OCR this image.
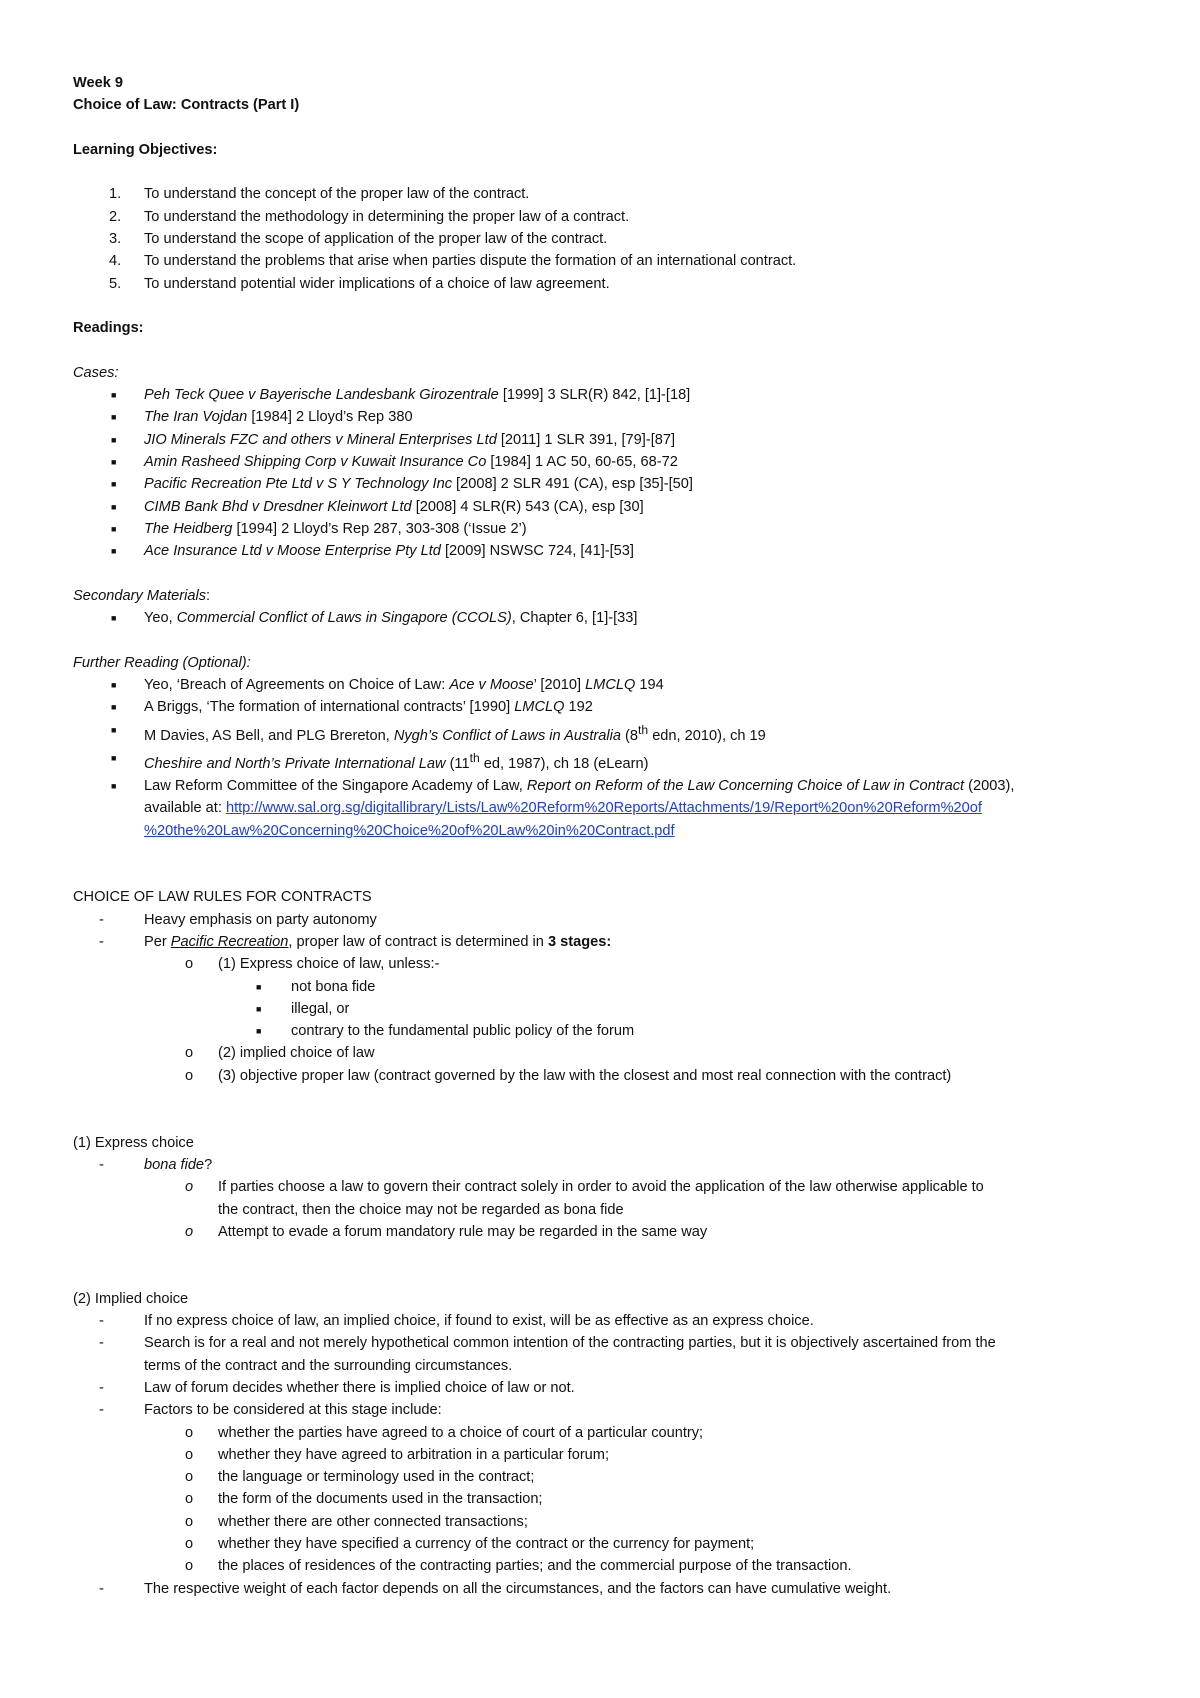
Week 9
Choice of Law: Contracts (Part I)
Learning Objectives:
1. To understand the concept of the proper law of the contract.
2. To understand the methodology in determining the proper law of a contract.
3. To understand the scope of application of the proper law of the contract.
4. To understand the problems that arise when parties dispute the formation of an international contract.
5. To understand potential wider implications of a choice of law agreement.
Readings:
Cases:
■ Peh Teck Quee v Bayerische Landesbank Girozentrale [1999] 3 SLR(R) 842, [1]-[18]
■ The Iran Vojdan [1984] 2 Lloyd’s Rep 380
■ JIO Minerals FZC and others v Mineral Enterprises Ltd [2011] 1 SLR 391, [79]-[87]
■ Amin Rasheed Shipping Corp v Kuwait Insurance Co [1984] 1 AC 50, 60-65, 68-72
■ Pacific Recreation Pte Ltd v S Y Technology Inc [2008] 2 SLR 491 (CA), esp [35]-[50]
■ CIMB Bank Bhd v Dresdner Kleinwort Ltd [2008] 4 SLR(R) 543 (CA), esp [30]
■ The Heidberg [1994] 2 Lloyd’s Rep 287, 303-308 (‘Issue 2’)
■ Ace Insurance Ltd v Moose Enterprise Pty Ltd [2009] NSWSC 724, [41]-[53]
Secondary Materials:
■ Yeo, Commercial Conflict of Laws in Singapore (CCOLS), Chapter 6, [1]-[33]
Further Reading (Optional):
■ Yeo, ‘Breach of Agreements on Choice of Law: Ace v Moose’ [2010] LMCLQ 194
■ A Briggs, ‘The formation of international contracts’ [1990] LMCLQ 192
■ M Davies, AS Bell, and PLG Brereton, Nygh’s Conflict of Laws in Australia (8th edn, 2010), ch 19
■ Cheshire and North’s Private International Law (11th ed, 1987), ch 18 (eLearn)
■ Law Reform Committee of the Singapore Academy of Law, Report on Reform of the Law Concerning Choice of Law in Contract (2003),
available at: http://www.sal.org.sg/digitallibrary/Lists/Law%20Reform%20Reports/Attachments/19/Report%20on%20Reform%20of
%20the%20Law%20Concerning%20Choice%20of%20Law%20in%20Contract.pdf
CHOICE OF LAW RULES FOR CONTRACTS
-	Heavy emphasis on party autonomy
-	Per Pacific Recreation, proper law of contract is determined in 3 stages:
o (1) Express choice of law, unless:-
■ not bona fide
■ illegal, or
■ contrary to the fundamental public policy of the forum
o (2) implied choice of law
o (3) objective proper law (contract governed by the law with the closest and most real connection with the contract)
(1) Express choice
-	bona fide?
o If parties choose a law to govern their contract solely in order to avoid the application of the law otherwise applicable to
the contract, then the choice may not be regarded as bona fide
o Attempt to evade a forum mandatory rule may be regarded in the same way
(2) Implied choice
-	If no express choice of law, an implied choice, if found to exist, will be as effective as an express choice.
-	Search is for a real and not merely hypothetical common intention of the contracting parties, but it is objectively ascertained from the
terms of the contract and the surrounding circumstances.
-	Law of forum decides whether there is implied choice of law or not.
-	Factors to be considered at this stage include:
o whether the parties have agreed to a choice of court of a particular country;
o whether they have agreed to arbitration in a particular forum;
o the language or terminology used in the contract;
o the form of the documents used in the transaction;
o whether there are other connected transactions;
o whether they have specified a currency of the contract or the currency for payment;
o the places of residences of the contracting parties; and the commercial purpose of the transaction.
-	The respective weight of each factor depends on all the circumstances, and the factors can have cumulative weight.
